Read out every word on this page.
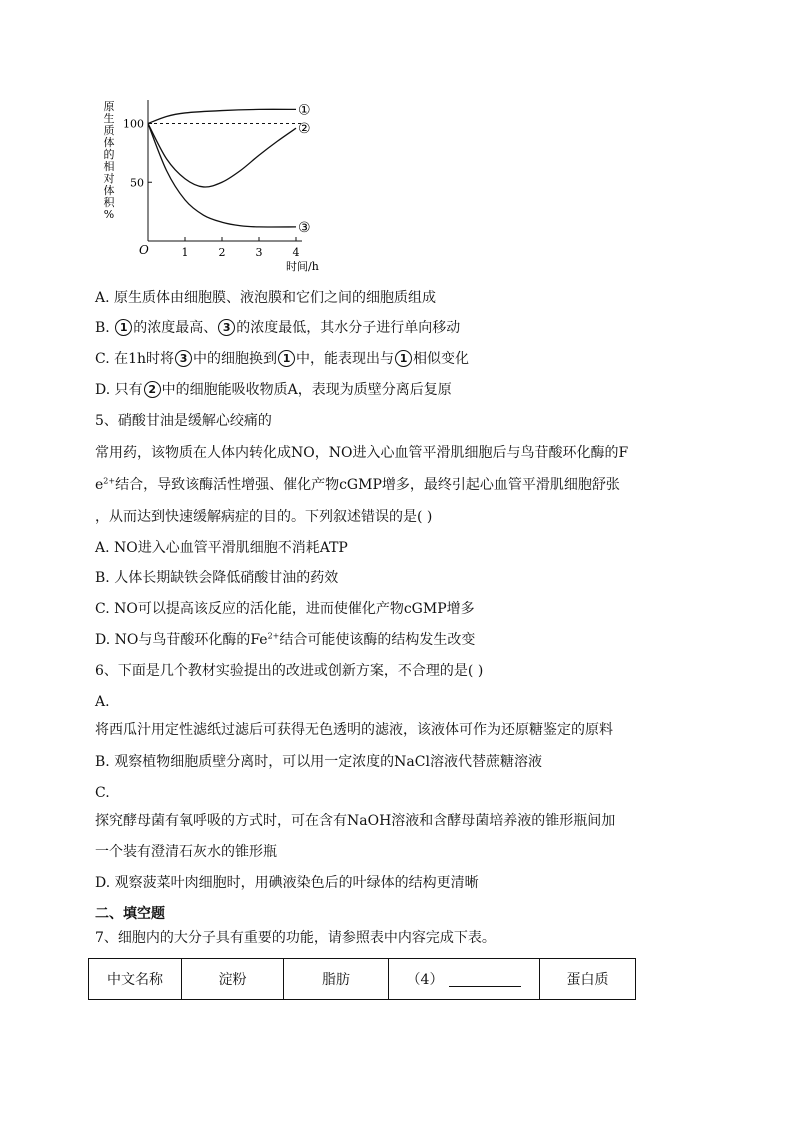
原生质体的相对体积%
1	2	3	4
50
100
①
②
③
O
时间/h
A. 原生质体由细胞膜、液泡膜和它们之间的细胞质组成
B. 1 的浓度最高、 3 的浓度最低，其水分子进行单向移动
C. 在1h时将 3 中的细胞换到 1 中，能表现出与 1 相似变化
D. 只有 2 中的细胞能吸收物质A，表现为质壁分离后复原
5、硝酸甘油是缓解心绞痛的
常用药，该物质在人体内转化成NO，NO进入心血管平滑肌细胞后与鸟苷酸环化酶的F
$e^{2+}$结合，导致该酶活性增强、催化产物cGMP增多，最终引起心血管平滑肌细胞舒张
，从而达到快速缓解病症的目的。下列叙述错误的是( )
A. NO进入心血管平滑肌细胞不消耗ATP
B. 人体长期缺铁会降低硝酸甘油的药效
C. NO可以提高该反应的活化能，进而使催化产物cGMP增多
D. NO与鸟苷酸环化酶的$Fe^{2+}$结合可能使该酶的结构发生改变
6、下面是几个教材实验提出的改进或创新方案，不合理的是( )
A.
将西瓜汁用定性滤纸过滤后可获得无色透明的滤液，该液体可作为还原糖鉴定的原料
B. 观察植物细胞质壁分离时，可以用一定浓度的NaCl溶液代替蔗糖溶液
C.
探究酵母菌有氧呼吸的方式时，可在含有NaOH溶液和含酵母菌培养液的锥形瓶间加
一个装有澄清石灰水的锥形瓶
D. 观察菠菜叶肉细胞时，用碘液染色后的叶绿体的结构更清晰
二、填空题
7、细胞内的大分子具有重要的功能，请参照表中内容完成下表。
中文名称	淀粉	脂肪	（4）	蛋白质
